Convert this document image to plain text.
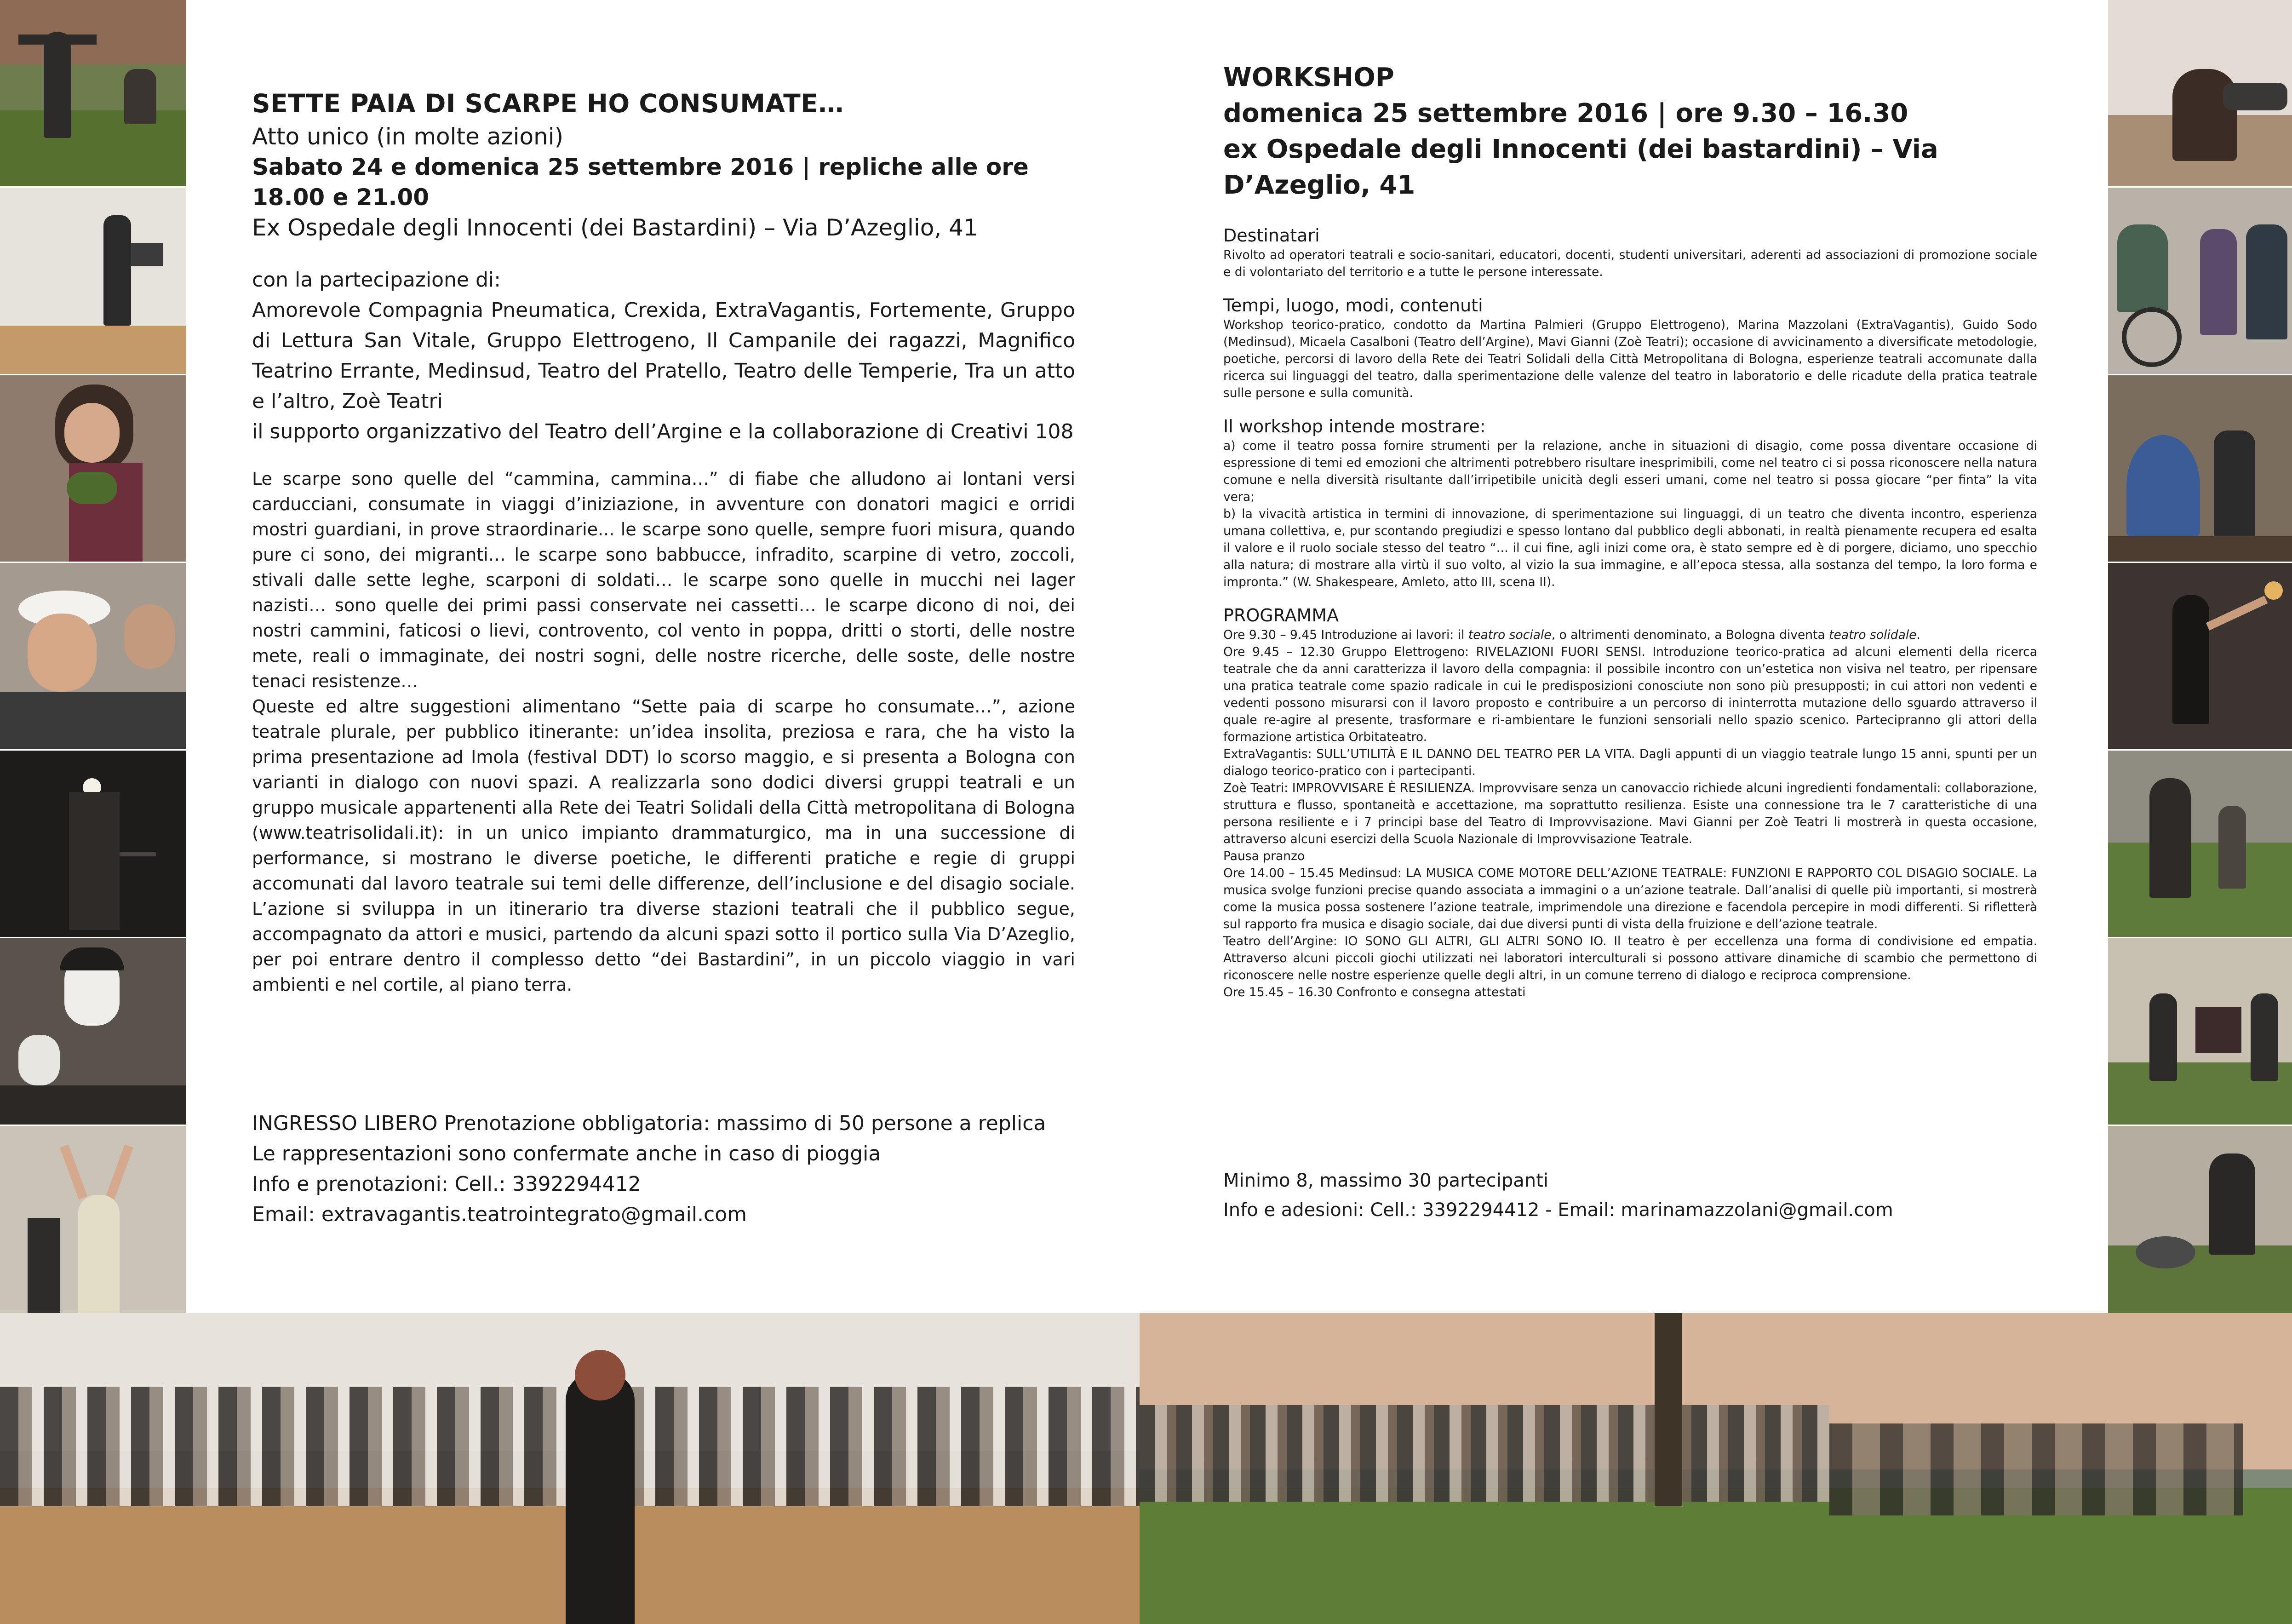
SETTE PAIA DI SCARPE HO CONSUMATE…

Atto unico (in molte azioni)

Sabato 24 e domenica 25 settembre 2016 | repliche alle ore 18.00 e 21.00

Ex Ospedale degli Innocenti (dei Bastardini) – Via D’Azeglio, 41

con la partecipazione di:

Amorevole Compagnia Pneumatica, Crexida, ExtraVagantis, Fortemente, Gruppo di Lettura San Vitale, Gruppo Elettrogeno, Il Campanile dei ragazzi, Magnifico Teatrino Errante, Medinsud, Teatro del Pratello, Teatro delle Temperie, Tra un atto e l’altro, Zoè Teatri

il supporto organizzativo del Teatro dell’Argine e la collaborazione di Creativi 108

Le scarpe sono quelle del “cammina, cammina…” di fiabe che alludono ai lontani versi carducciani, consumate in viaggi d’iniziazione, in avventure con donatori magici e orridi mostri guardiani, in prove straordinarie... le scarpe sono quelle, sempre fuori misura, quando pure ci sono, dei migranti… le scarpe sono babbucce, infradito, scarpine di vetro, zoccoli, stivali dalle sette leghe, scarponi di soldati… le scarpe sono quelle in mucchi nei lager nazisti… sono quelle dei primi passi conservate nei cassetti… le scarpe dicono di noi, dei nostri cammini, faticosi o lievi, controvento, col vento in poppa, dritti o storti, delle nostre mete, reali o immaginate, dei nostri sogni, delle nostre ricerche, delle soste, delle nostre tenaci resistenze…

Queste ed altre suggestioni alimentano “Sette paia di scarpe ho consumate…”, azione teatrale plurale, per pubblico itinerante: un’idea insolita, preziosa e rara, che ha visto la prima presentazione ad Imola (festival DDT) lo scorso maggio, e si presenta a Bologna con varianti in dialogo con nuovi spazi. A realizzarla sono dodici diversi gruppi teatrali e un gruppo musicale appartenenti alla Rete dei Teatri Solidali della Città metropolitana di Bologna (www.teatrisolidali.it): in un unico impianto drammaturgico, ma in una successione di performance, si mostrano le diverse poetiche, le differenti pratiche e regie di gruppi accomunati dal lavoro teatrale sui temi delle differenze, dell’inclusione e del disagio sociale. L’azione si sviluppa in un itinerario tra diverse stazioni teatrali che il pubblico segue, accompagnato da attori e musici, partendo da alcuni spazi sotto il portico sulla Via D’Azeglio, per poi entrare dentro il complesso detto “dei Bastardini”, in un piccolo viaggio in vari ambienti e nel cortile, al piano terra.

INGRESSO LIBERO Prenotazione obbligatoria: massimo di 50 persone a replica

Le rappresentazioni sono confermate anche in caso di pioggia

Info e prenotazioni: Cell.: 3392294412

Email: extravagantis.teatrointegrato@gmail.com

WORKSHOP

domenica 25 settembre 2016 | ore 9.30 – 16.30

ex Ospedale degli Innocenti (dei bastardini) – Via D’Azeglio, 41

Destinatari

Rivolto ad operatori teatrali e socio-sanitari, educatori, docenti, studenti universitari, aderenti ad associazioni di promozione sociale e di volontariato del territorio e a tutte le persone interessate.

Tempi, luogo, modi, contenuti

Workshop teorico-pratico, condotto da Martina Palmieri (Gruppo Elettrogeno), Marina Mazzolani (ExtraVagantis), Guido Sodo (Medinsud), Micaela Casalboni (Teatro dell’Argine), Mavi Gianni (Zoè Teatri); occasione di avvicinamento a diversificate metodologie, poetiche, percorsi di lavoro della Rete dei Teatri Solidali della Città Metropolitana di Bologna, esperienze teatrali accomunate dalla ricerca sui linguaggi del teatro, dalla sperimentazione delle valenze del teatro in laboratorio e delle ricadute della pratica teatrale sulle persone e sulla comunità.

Il workshop intende mostrare:

a) come il teatro possa fornire strumenti per la relazione, anche in situazioni di disagio, come possa diventare occasione di espressione di temi ed emozioni che altrimenti potrebbero risultare inesprimibili, come nel teatro ci si possa riconoscere nella natura comune e nella diversità risultante dall’irripetibile unicità degli esseri umani, come nel teatro si possa giocare “per finta” la vita vera;

b) la vivacità artistica in termini di innovazione, di sperimentazione sui linguaggi, di un teatro che diventa incontro, esperienza umana collettiva, e, pur scontando pregiudizi e spesso lontano dal pubblico degli abbonati, in realtà pienamente recupera ed esalta il valore e il ruolo sociale stesso del teatro “… il cui fine, agli inizi come ora, è stato sempre ed è di porgere, diciamo, uno specchio alla natura; di mostrare alla virtù il suo volto, al vizio la sua immagine, e all’epoca stessa, alla sostanza del tempo, la loro forma e impronta.” (W. Shakespeare, Amleto, atto III, scena II).

PROGRAMMA

Ore 9.30 – 9.45 Introduzione ai lavori: il teatro sociale, o altrimenti denominato, a Bologna diventa teatro solidale.

Ore 9.45 – 12.30 Gruppo Elettrogeno: RIVELAZIONI FUORI SENSI. Introduzione teorico-pratica ad alcuni elementi della ricerca teatrale che da anni caratterizza il lavoro della compagnia: il possibile incontro con un’estetica non visiva nel teatro, per ripensare una pratica teatrale come spazio radicale in cui le predisposizioni conosciute non sono più presupposti; in cui attori non vedenti e vedenti possono misurarsi con il lavoro proposto e contribuire a un percorso di ininterrotta mutazione dello sguardo attraverso il quale re-agire al presente, trasformare e ri-ambientare le funzioni sensoriali nello spazio scenico. Partecipranno gli attori della formazione artistica Orbitateatro.

ExtraVagantis: SULL’UTILITÀ E IL DANNO DEL TEATRO PER LA VITA. Dagli appunti di un viaggio teatrale lungo 15 anni, spunti per un dialogo teorico-pratico con i partecipanti.

Zoè Teatri: IMPROVVISARE È RESILIENZA. Improvvisare senza un canovaccio richiede alcuni ingredienti fondamentali: collaborazione, struttura e flusso, spontaneità e accettazione, ma soprattutto resilienza. Esiste una connessione tra le 7 caratteristiche di una persona resiliente e i 7 principi base del Teatro di Improvvisazione. Mavi Gianni per Zoè Teatri li mostrerà in questa occasione, attraverso alcuni esercizi della Scuola Nazionale di Improvvisazione Teatrale.

Pausa pranzo

Ore 14.00 – 15.45 Medinsud: LA MUSICA COME MOTORE DELL’AZIONE TEATRALE: FUNZIONI E RAPPORTO COL DISAGIO SOCIALE. La musica svolge funzioni precise quando associata a immagini o a un’azione teatrale. Dall’analisi di quelle più importanti, si mostrerà come la musica possa sostenere l’azione teatrale, imprimendole una direzione e facendola percepire in modi differenti. Si rifletterà sul rapporto fra musica e disagio sociale, dai due diversi punti di vista della fruizione e dell’azione teatrale.

Teatro dell’Argine: IO SONO GLI ALTRI, GLI ALTRI SONO IO. Il teatro è per eccellenza una forma di condivisione ed empatia. Attraverso alcuni piccoli giochi utilizzati nei laboratori interculturali si possono attivare dinamiche di scambio che permettono di riconoscere nelle nostre esperienze quelle degli altri, in un comune terreno di dialogo e reciproca comprensione.

Ore 15.45 – 16.30 Confronto e consegna attestati

Minimo 8, massimo 30 partecipanti

Info e adesioni: Cell.: 3392294412 - Email: marinamazzolani@gmail.com
